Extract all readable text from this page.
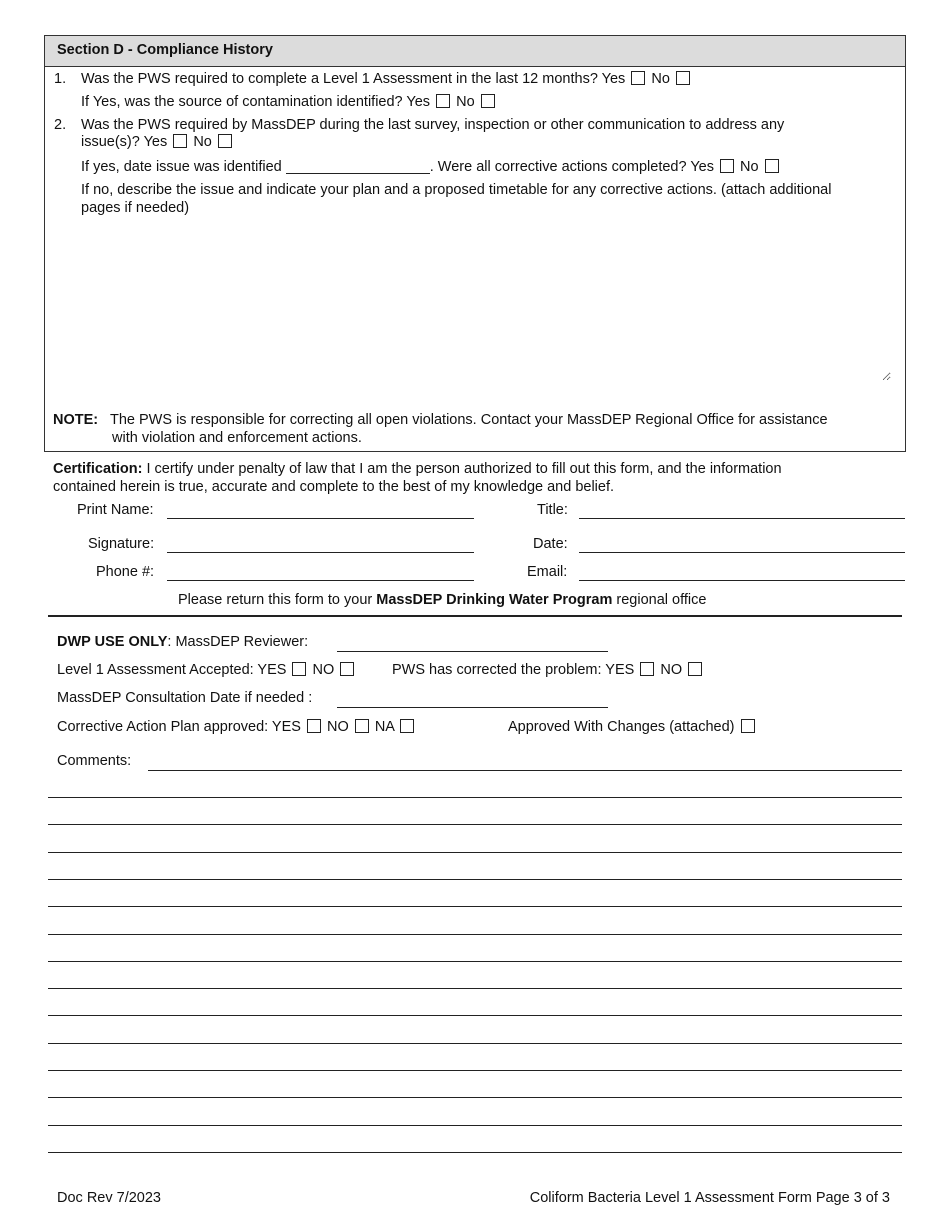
Section D - Compliance History
1. Was the PWS required to complete a Level 1 Assessment in the last 12 months? Yes No
If Yes, was the source of contamination identified? Yes No
2. Was the PWS required by MassDEP during the last survey, inspection or other communication to address any
issue(s)? Yes No
If yes, date issue was identified	. Were all corrective actions completed? Yes No
If no, describe the issue and indicate your plan and a proposed timetable for any corrective actions. (attach additional
pages if needed)
NOTE: The PWS is responsible for correcting all open violations. Contact your MassDEP Regional Office for assistance
with violation and enforcement actions.
Certification: I certify under penalty of law that I am the person authorized to fill out this form, and the information
contained herein is true, accurate and complete to the best of my knowledge and belief.
Print Name:	Title:
Signature:	Date:
Phone #:	Email:
Please return this form to your MassDEP Drinking Water Program regional office
DWP USE ONLY: MassDEP Reviewer:
Level 1 Assessment Accepted: YES NO	PWS has corrected the problem: YES NO
MassDEP Consultation Date if needed :
Corrective Action Plan approved: YES NO NA	Approved With Changes (attached)
Comments:
Doc Rev 7/2023	Coliform Bacteria Level 1 Assessment Form Page 3 of 3
